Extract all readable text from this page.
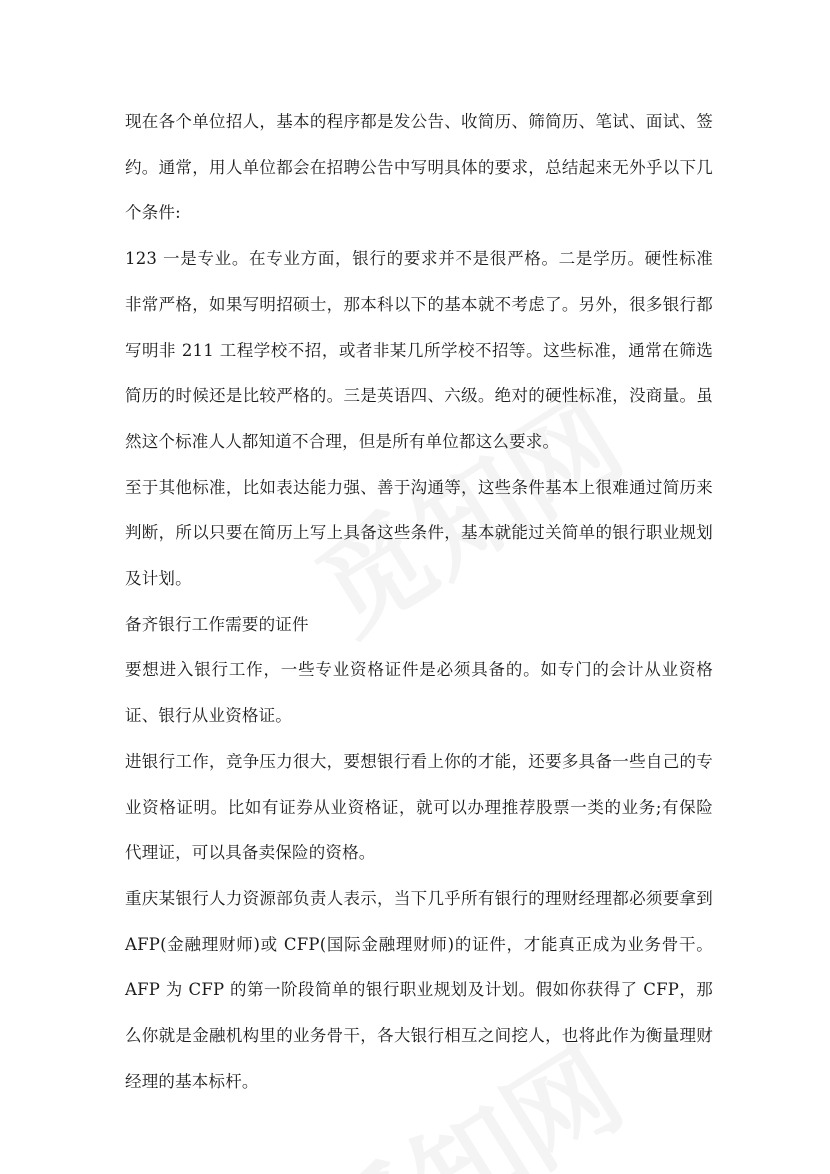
现在各个单位招人，基本的程序都是发公告、收简历、筛简历、笔试、面试、签约。通常，用人单位都会在招聘公告中写明具体的要求，总结起来无外乎以下几个条件:

123 一是专业。在专业方面，银行的要求并不是很严格。二是学历。硬性标准非常严格，如果写明招硕士，那本科以下的基本就不考虑了。另外，很多银行都写明非 211 工程学校不招，或者非某几所学校不招等。这些标准，通常在筛选简历的时候还是比较严格的。三是英语四、六级。绝对的硬性标准，没商量。虽然这个标准人人都知道不合理，但是所有单位都这么要求。

至于其他标准，比如表达能力强、善于沟通等，这些条件基本上很难通过简历来判断，所以只要在简历上写上具备这些条件，基本就能过关简单的银行职业规划及计划。

备齐银行工作需要的证件

要想进入银行工作，一些专业资格证件是必须具备的。如专门的会计从业资格证、银行从业资格证。

进银行工作，竞争压力很大，要想银行看上你的才能，还要多具备一些自己的专业资格证明。比如有证券从业资格证，就可以办理推荐股票一类的业务;有保险代理证，可以具备卖保险的资格。

重庆某银行人力资源部负责人表示，当下几乎所有银行的理财经理都必须要拿到AFP(金融理财师)或 CFP(国际金融理财师)的证件，才能真正成为业务骨干。AFP 为 CFP 的第一阶段简单的银行职业规划及计划。假如你获得了 CFP，那么你就是金融机构里的业务骨干，各大银行相互之间挖人，也将此作为衡量理财经理的基本标杆。
